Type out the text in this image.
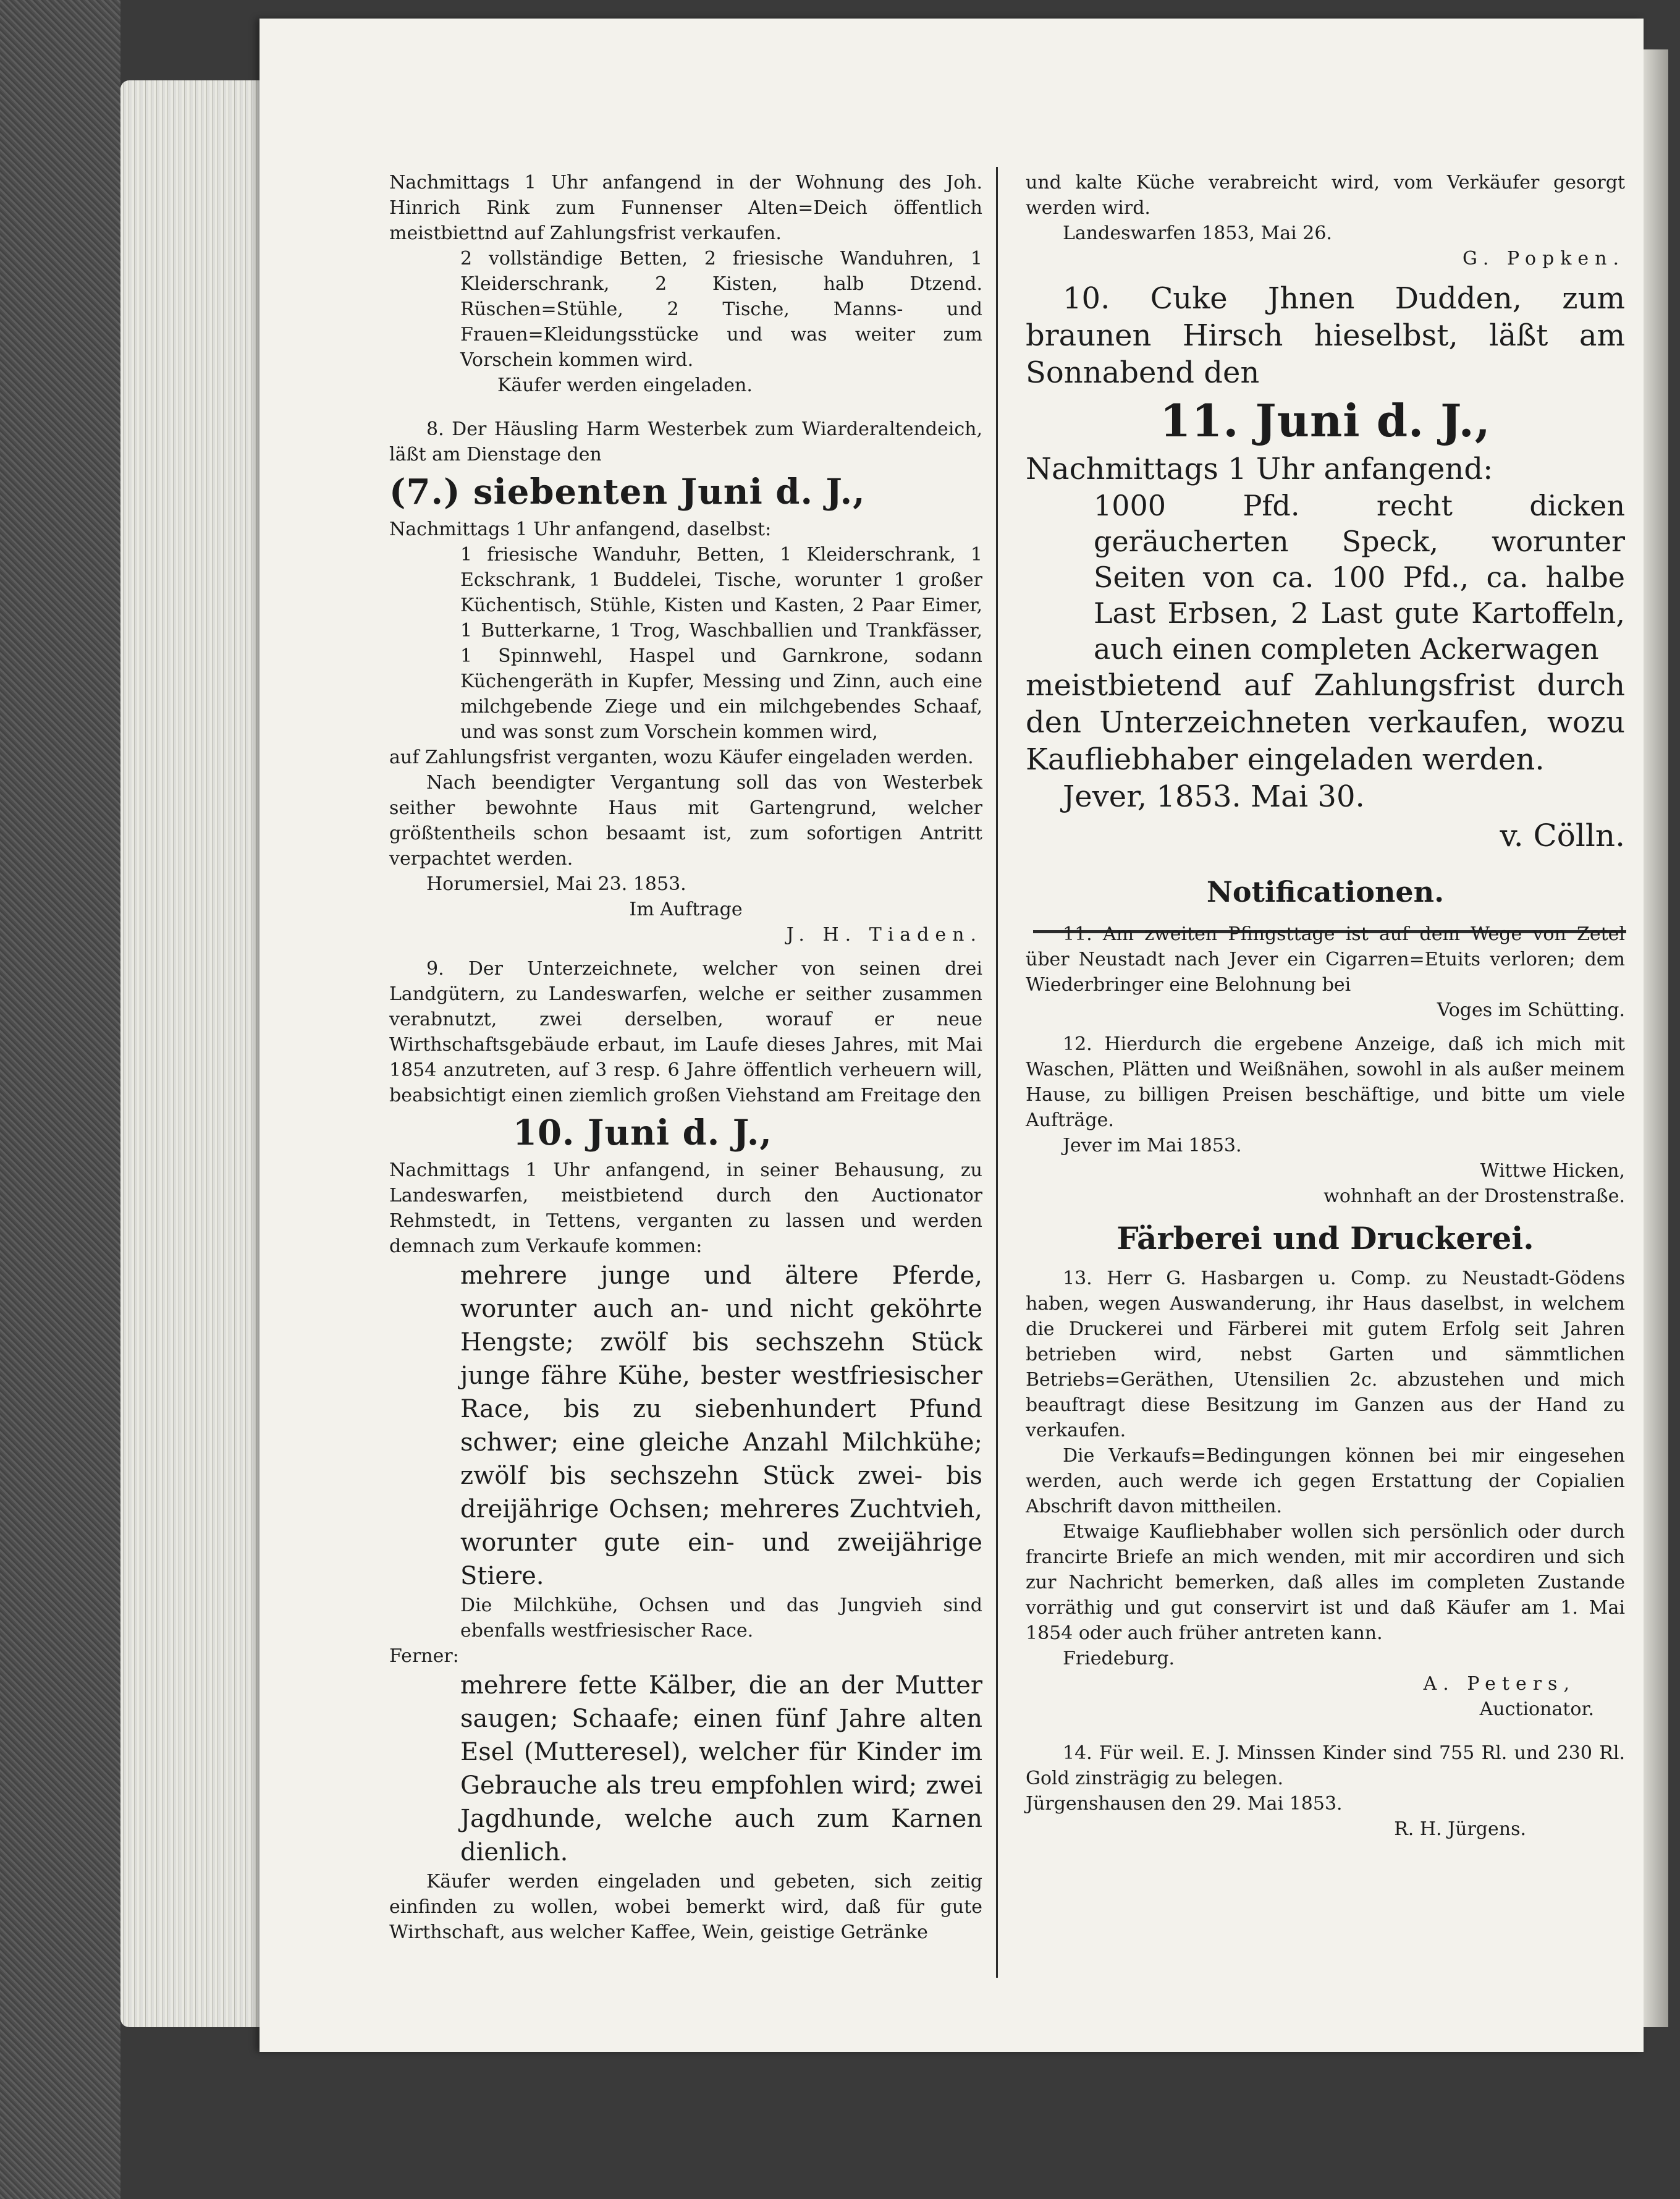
Nachmittags 1 Uhr anfangend in der Wohnung des Joh. Hinrich Rink zum Funnenser Alten=Deich öffentlich meistbiettnd auf Zahlungsfrist verkaufen.

2 vollständige Betten, 2 friesische Wanduhren, 1 Kleiderschrank, 2 Kisten, halb Dtzend. Rüschen=Stühle, 2 Tische, Manns- und Frauen=Kleidungsstücke und was weiter zum Vorschein kommen wird.

Käufer werden eingeladen.

8. Der Häusling Harm Westerbek zum Wiarderaltendeich, läßt am Dienstage den

(7.) siebenten Juni d. J.,

Nachmittags 1 Uhr anfangend, daselbst:

1 friesische Wanduhr, Betten, 1 Kleiderschrank, 1 Eckschrank, 1 Buddelei, Tische, worunter 1 großer Küchentisch, Stühle, Kisten und Kasten, 2 Paar Eimer, 1 Butterkarne, 1 Trog, Waschballien und Trankfässer, 1 Spinnwehl, Haspel und Garnkrone, sodann Küchengeräth in Kupfer, Messing und Zinn, auch eine milchgebende Ziege und ein milchgebendes Schaaf, und was sonst zum Vorschein kommen wird,

auf Zahlungsfrist verganten, wozu Käufer eingeladen werden.

Nach beendigter Vergantung soll das von Westerbek seither bewohnte Haus mit Gartengrund, welcher größtentheils schon besaamt ist, zum sofortigen Antritt verpachtet werden.

Horumersiel, Mai 23. 1853.

Im Auftrage

J. H. Tiaden.

9. Der Unterzeichnete, welcher von seinen drei Landgütern, zu Landeswarfen, welche er seither zusammen verabnutzt, zwei derselben, worauf er neue Wirthschaftsgebäude erbaut, im Laufe dieses Jahres, mit Mai 1854 anzutreten, auf 3 resp. 6 Jahre öffentlich verheuern will, beabsichtigt einen ziemlich großen Viehstand am Freitage den

10. Juni d. J.,

Nachmittags 1 Uhr anfangend, in seiner Behausung, zu Landeswarfen, meistbietend durch den Auctionator Rehmstedt, in Tettens, verganten zu lassen und werden demnach zum Verkaufe kommen:

mehrere junge und ältere Pferde, worunter auch an- und nicht geköhrte Hengste; zwölf bis sechszehn Stück junge fähre Kühe, bester westfriesischer Race, bis zu siebenhundert Pfund schwer; eine gleiche Anzahl Milchkühe; zwölf bis sechszehn Stück zwei- bis dreijährige Ochsen; mehreres Zuchtvieh, worunter gute ein- und zweijährige Stiere.

Die Milchkühe, Ochsen und das Jungvieh sind ebenfalls westfriesischer Race.

Ferner:

mehrere fette Kälber, die an der Mutter saugen; Schaafe; einen fünf Jahre alten Esel (Mutteresel), welcher für Kinder im Gebrauche als treu empfohlen wird; zwei Jagdhunde, welche auch zum Karnen dienlich.

Käufer werden eingeladen und gebeten, sich zeitig einfinden zu wollen, wobei bemerkt wird, daß für gute Wirthschaft, aus welcher Kaffee, Wein, geistige Getränke

und kalte Küche verabreicht wird, vom Verkäufer gesorgt werden wird.

Landeswarfen 1853, Mai 26.

G. Popken.

10. Cuke Jhnen Dudden, zum braunen Hirsch hieselbst, läßt am Sonnabend den

11. Juni d. J.,

Nachmittags 1 Uhr anfangend:

1000 Pfd. recht dicken geräucherten Speck, worunter Seiten von ca. 100 Pfd., ca. halbe Last Erbsen, 2 Last gute Kartoffeln, auch einen completen Ackerwagen

meistbietend auf Zahlungsfrist durch den Unterzeichneten verkaufen, wozu Kaufliebhaber eingeladen werden.

Jever, 1853. Mai 30.

v. Cölln.

Notificationen.

11. Am zweiten Pfingsttage ist auf dem Wege von Zetel über Neustadt nach Jever ein Cigarren=Etuits verloren; dem Wiederbringer eine Belohnung bei

Voges im Schütting.

12. Hierdurch die ergebene Anzeige, daß ich mich mit Waschen, Plätten und Weißnähen, sowohl in als außer meinem Hause, zu billigen Preisen beschäftige, und bitte um viele Aufträge.

Jever im Mai 1853.

Wittwe Hicken,

wohnhaft an der Drostenstraße.

Färberei und Druckerei.

13. Herr G. Hasbargen u. Comp. zu Neustadt-Gödens haben, wegen Auswanderung, ihr Haus daselbst, in welchem die Druckerei und Färberei mit gutem Erfolg seit Jahren betrieben wird, nebst Garten und sämmtlichen Betriebs=Geräthen, Utensilien 2c. abzustehen und mich beauftragt diese Besitzung im Ganzen aus der Hand zu verkaufen.

Die Verkaufs=Bedingungen können bei mir eingesehen werden, auch werde ich gegen Erstattung der Copialien Abschrift davon mittheilen.

Etwaige Kaufliebhaber wollen sich persönlich oder durch francirte Briefe an mich wenden, mit mir accordiren und sich zur Nachricht bemerken, daß alles im completen Zustande vorräthig und gut conservirt ist und daß Käufer am 1. Mai 1854 oder auch früher antreten kann.

Friedeburg.

A. Peters,

Auctionator.

14. Für weil. E. J. Minssen Kinder sind 755 Rl. und 230 Rl. Gold zinsträgig zu belegen.

Jürgenshausen den 29. Mai 1853.

R. H. Jürgens.
